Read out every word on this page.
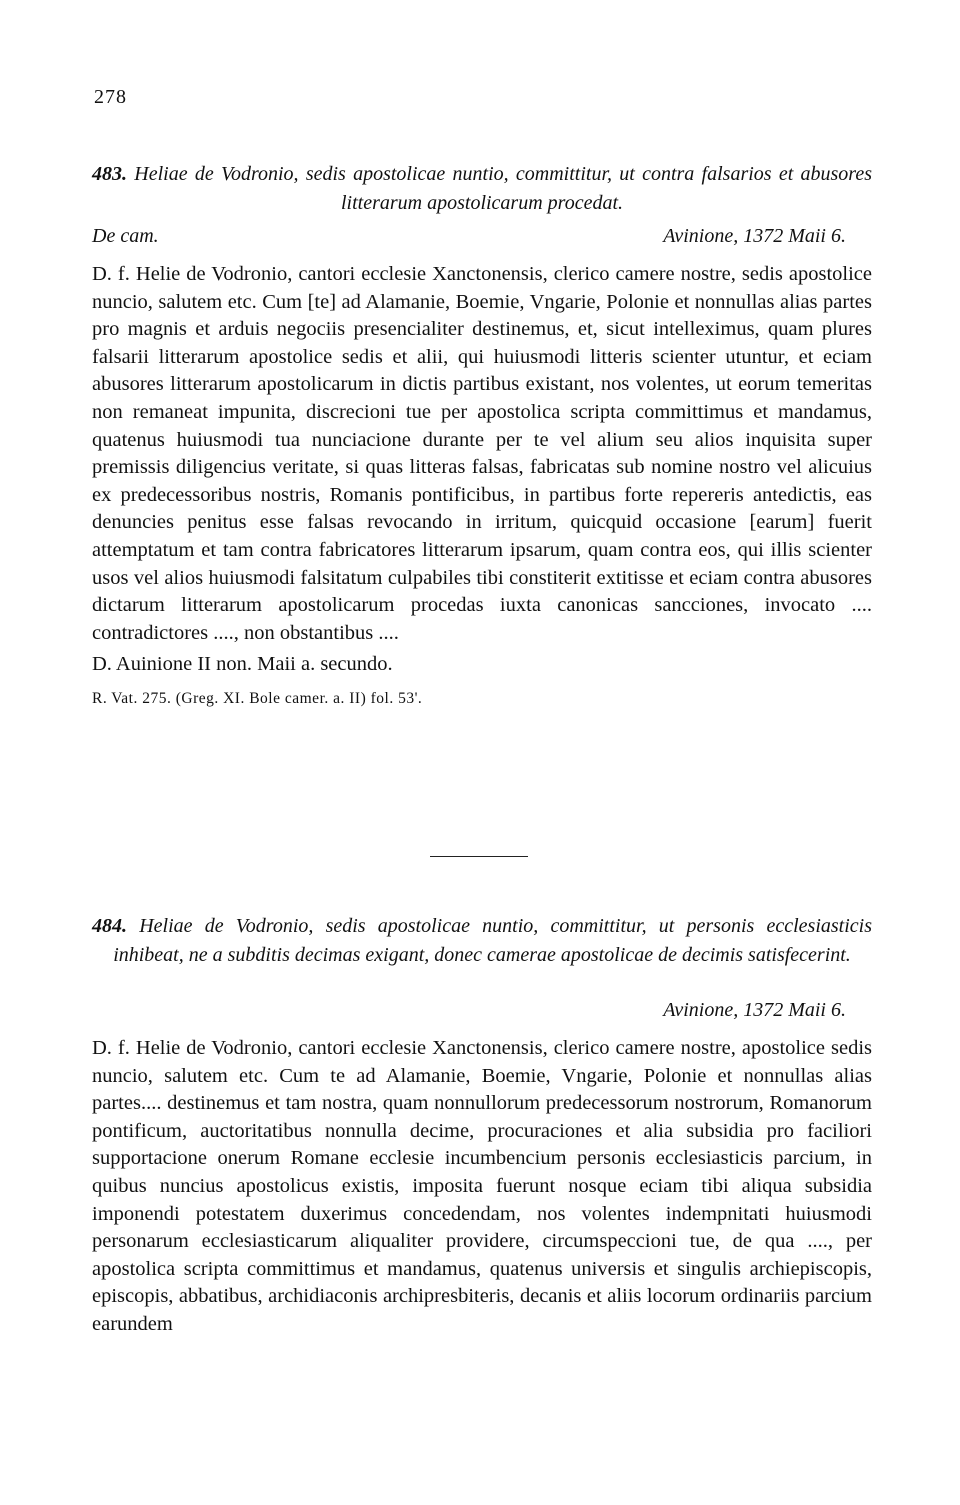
278

483. Heliae de Vodronio, sedis apostolicae nuntio, committitur, ut contra falsarios et abusores litterarum apostolicarum procedat.

De cam.	Avinione, 1372 Maii 6.

D. f. Helie de Vodronio, cantori ecclesie Xanctonensis, clerico camere nostre, sedis apostolice nuncio, salutem etc. Cum [te] ad Alamanie, Boemie, Vngarie, Polonie et nonnullas alias partes pro magnis et arduis negociis presencialiter destinemus, et, sicut intelleximus, quam plures falsarii litterarum apostolice sedis et alii, qui huiusmodi litteris scienter utuntur, et eciam abusores litterarum apostolicarum in dictis partibus existant, nos volentes, ut eorum temeritas non remaneat impunita, discrecioni tue per apostolica scripta committimus et mandamus, quatenus huiusmodi tua nunciacione durante per te vel alium seu alios inquisita super premissis diligencius veritate, si quas litteras falsas, fabricatas sub nomine nostro vel alicuius ex predecessoribus nostris, Romanis pontificibus, in partibus forte repereris antedictis, eas denuncies penitus esse falsas revocando in irritum, quicquid occasione [earum] fuerit attemptatum et tam contra fabricatores litterarum ipsarum, quam contra eos, qui illis scienter usos vel alios huiusmodi falsitatum culpabiles tibi constiterit extitisse et eciam contra abusores dictarum litterarum apostolicarum procedas iuxta canonicas sancciones, invocato .... contradictores ...., non obstantibus ....

D. Auinione II non. Maii a. secundo.

R. Vat. 275. (Greg. XI. Bole camer. a. II) fol. 53'.

484. Heliae de Vodronio, sedis apostolicae nuntio, committitur, ut personis ecclesiasticis inhibeat, ne a subditis decimas exigant, donec camerae apostolicae de decimis satisfecerint.

Avinione, 1372 Maii 6.

D. f. Helie de Vodronio, cantori ecclesie Xanctonensis, clerico camere nostre, apostolice sedis nuncio, salutem etc. Cum te ad Alamanie, Boemie, Vngarie, Polonie et nonnullas alias partes.... destinemus et tam nostra, quam nonnullorum predecessorum nostrorum, Romanorum pontificum, auctoritatibus nonnulla decime, procuraciones et alia subsidia pro faciliori supportacione onerum Romane ecclesie incumbencium personis ecclesiasticis parcium, in quibus nuncius apostolicus existis, imposita fuerunt nosque eciam tibi aliqua subsidia imponendi potestatem duxerimus concedendam, nos volentes indempnitati huiusmodi personarum ecclesiasticarum aliqualiter providere, circumspeccioni tue, de qua ...., per apostolica scripta committimus et mandamus, quatenus universis et singulis archiepiscopis, episcopis, abbatibus, archidiaconis archipresbiteris, decanis et aliis locorum ordinariis parcium earundem
